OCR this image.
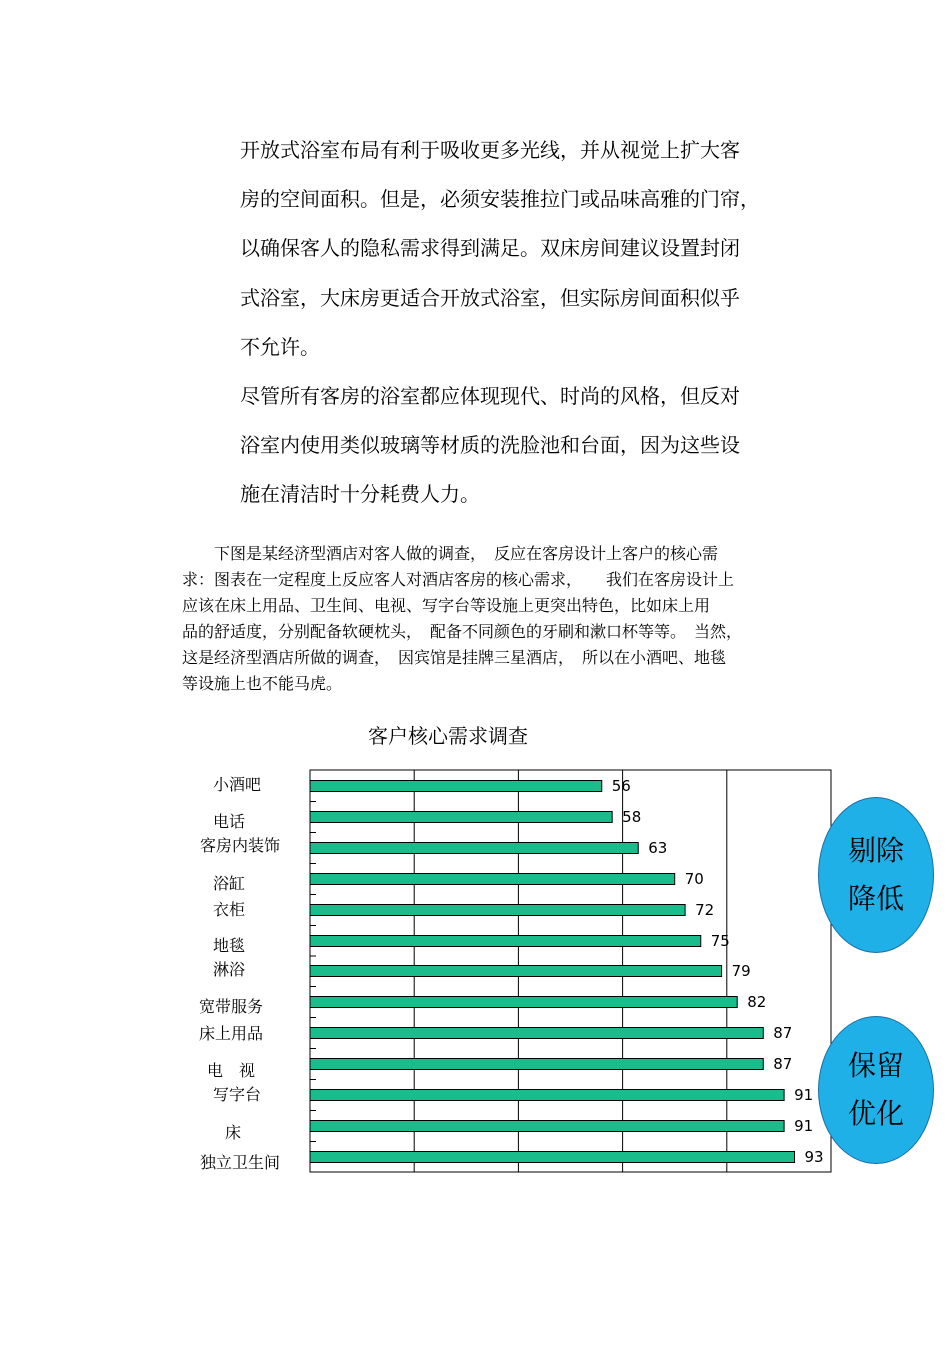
开放式浴室布局有利于吸收更多光线，并从视觉上扩大客

房的空间面积。但是，必须安装推拉门或品味高雅的门帘，

以确保客人的隐私需求得到满足。双床房间建议设置封闭

式浴室，大床房更适合开放式浴室，但实际房间面积似乎

不允许。

尽管所有客房的浴室都应体现现代、时尚的风格，但反对

浴室内使用类似玻璃等材质的洗脸池和台面，因为这些设

施在清洁时十分耗费人力。

　　下图是某经济型酒店对客人做的调查，　反应在客房设计上客户的核心需

求：图表在一定程度上反应客人对酒店客房的核心需求，　　我们在客房设计上

应该在床上用品、卫生间、电视、写字台等设施上更突出特色，比如床上用

品的舒适度，分别配备软硬枕头，　配备不同颜色的牙刷和漱口杯等等。　当然，

这是经济型酒店所做的调查，　因宾馆是挂牌三星酒店，　所以在小酒吧、地毯

等设施上也不能马虎。

客户核心需求调查
56
小酒吧
58
电话
63
客房内装饰
70
浴缸
72
衣柜
75
地毯
79
淋浴
82
宽带服务
87
床上用品
87
电　视
91
写字台
91
床
93
独立卫生间
剔除
降低
保留
优化
